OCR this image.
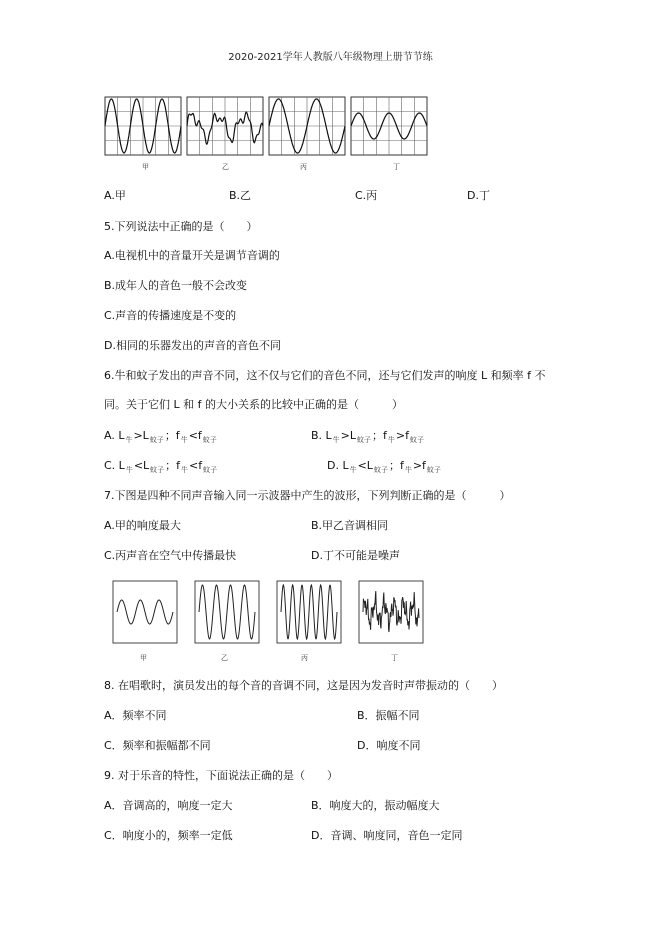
2020-2021学年人教版八年级物理上册节节练
甲	乙	丙	丁
A.甲	B.乙	C.丙	D.丁
5.下列说法中正确的是（　　）
A.电视机中的音量开关是调节音调的
B.成年人的音色一般不会改变
C.声音的传播速度是不变的
D.相同的乐器发出的声音的音色不同
6.牛和蚊子发出的声音不同，这不仅与它们的音色不同，还与它们发声的响度 L 和频率 f 不
同。关于它们 L 和 f 的大小关系的比较中正确的是（　　　）
A. $L_牛>L_{蚊子}$；$f_牛<f_{蚊子}$	B. $L_牛>L_{蚊子}$；$f_牛>f_{蚊子}$
C. $L_牛<L_{蚊子}$；$f_牛<f_{蚊子}$	D. $L_牛<L_{蚊子}$；$f_牛>f_{蚊子}$
7.下图是四种不同声音输入同一示波器中产生的波形，下列判断正确的是（　　　）
A.甲的响度最大	B.甲乙音调相同
C.丙声音在空气中传播最快	D.丁不可能是噪声
甲	乙	丙	丁
8. 在唱歌时，演员发出的每个音的音调不同，这是因为发音时声带振动的（　　）
A．频率不同	B．振幅不同
C．频率和振幅都不同	D．响度不同
9. 对于乐音的特性，下面说法正确的是（　　）
A．音调高的，响度一定大	B．响度大的，振动幅度大
C．响度小的，频率一定低	D．音调、响度同，音色一定同
